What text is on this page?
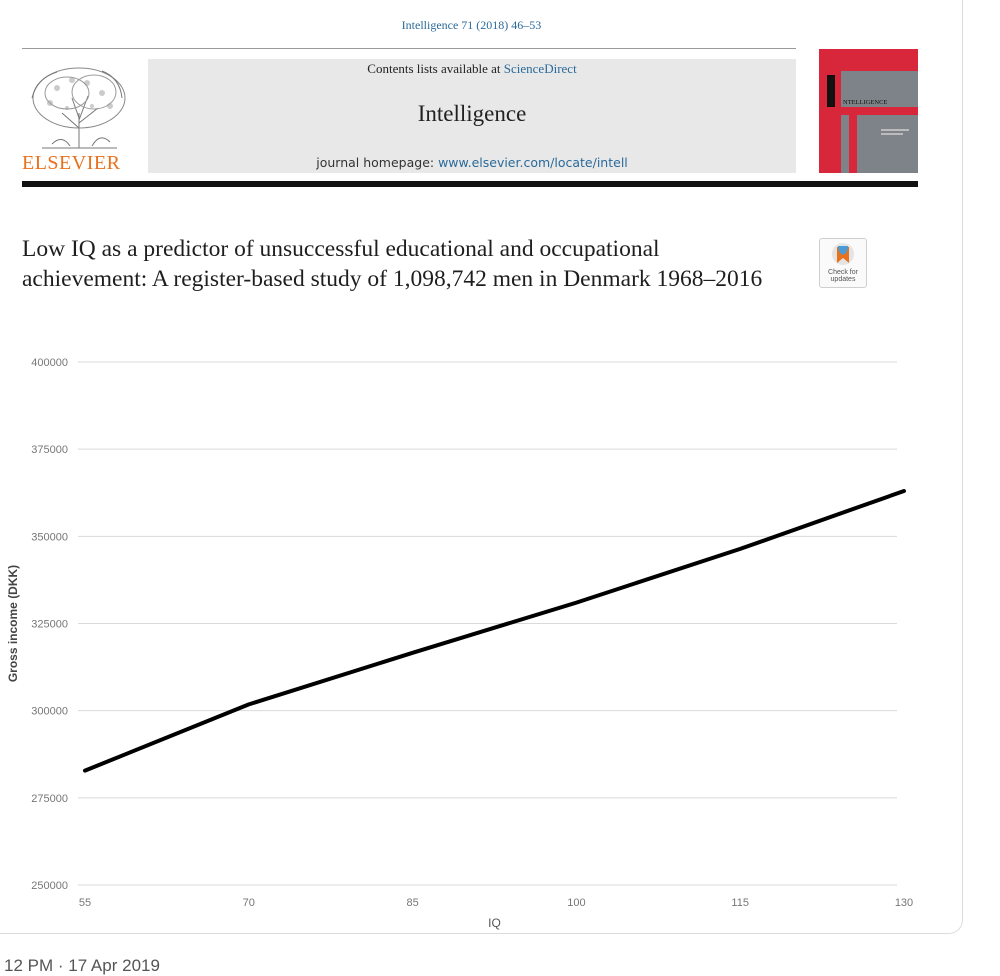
Intelligence 71 (2018) 46–53
ELSEVIER
Contents lists available at ScienceDirect
Intelligence
journal homepage: www.elsevier.com/locate/intell
NTELLIGENCE
Low IQ as a predictor of unsuccessful educational and occupational achievement: A register-based study of 1,098,742 men in Denmark 1968–2016	Check for updates
400000
375000
350000
325000
300000
275000
250000
55	70	85	100	115	130
Gross income (DKK)
IQ
12 PM · 17 Apr 2019
